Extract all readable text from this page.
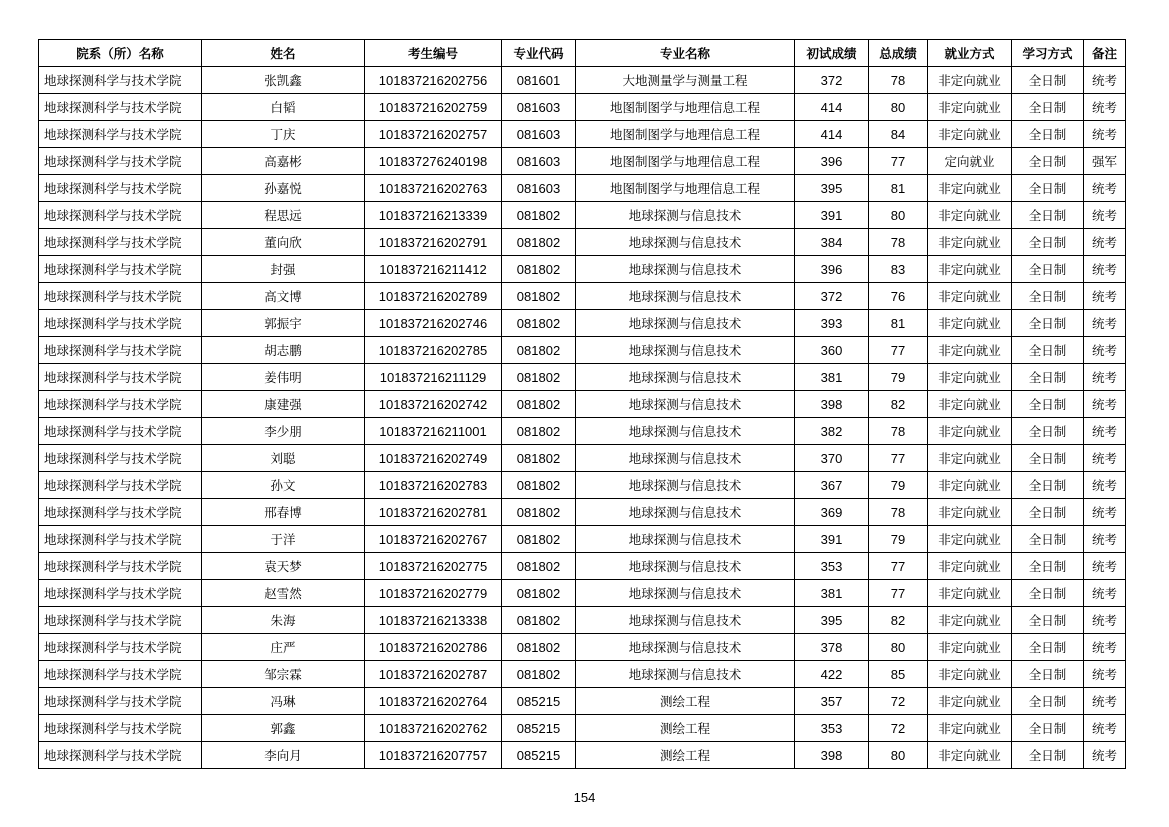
院系（所）名称	姓名	考生编号	专业代码	专业名称	初试成绩	总成绩	就业方式	学习方式	备注
地球探测科学与技术学院	张凯鑫	101837216202756	081601	大地测量学与测量工程	372	78	非定向就业	全日制	统考
地球探测科学与技术学院	白韬	101837216202759	081603	地图制图学与地理信息工程	414	80	非定向就业	全日制	统考
地球探测科学与技术学院	丁庆	101837216202757	081603	地图制图学与地理信息工程	414	84	非定向就业	全日制	统考
地球探测科学与技术学院	高嘉彬	101837276240198	081603	地图制图学与地理信息工程	396	77	定向就业	全日制	强军
地球探测科学与技术学院	孙嘉悦	101837216202763	081603	地图制图学与地理信息工程	395	81	非定向就业	全日制	统考
地球探测科学与技术学院	程思远	101837216213339	081802	地球探测与信息技术	391	80	非定向就业	全日制	统考
地球探测科学与技术学院	董向欣	101837216202791	081802	地球探测与信息技术	384	78	非定向就业	全日制	统考
地球探测科学与技术学院	封强	101837216211412	081802	地球探测与信息技术	396	83	非定向就业	全日制	统考
地球探测科学与技术学院	高文博	101837216202789	081802	地球探测与信息技术	372	76	非定向就业	全日制	统考
地球探测科学与技术学院	郭振宇	101837216202746	081802	地球探测与信息技术	393	81	非定向就业	全日制	统考
地球探测科学与技术学院	胡志鹏	101837216202785	081802	地球探测与信息技术	360	77	非定向就业	全日制	统考
地球探测科学与技术学院	姜伟明	101837216211129	081802	地球探测与信息技术	381	79	非定向就业	全日制	统考
地球探测科学与技术学院	康建强	101837216202742	081802	地球探测与信息技术	398	82	非定向就业	全日制	统考
地球探测科学与技术学院	李少朋	101837216211001	081802	地球探测与信息技术	382	78	非定向就业	全日制	统考
地球探测科学与技术学院	刘聪	101837216202749	081802	地球探测与信息技术	370	77	非定向就业	全日制	统考
地球探测科学与技术学院	孙文	101837216202783	081802	地球探测与信息技术	367	79	非定向就业	全日制	统考
地球探测科学与技术学院	邢春博	101837216202781	081802	地球探测与信息技术	369	78	非定向就业	全日制	统考
地球探测科学与技术学院	于洋	101837216202767	081802	地球探测与信息技术	391	79	非定向就业	全日制	统考
地球探测科学与技术学院	袁天梦	101837216202775	081802	地球探测与信息技术	353	77	非定向就业	全日制	统考
地球探测科学与技术学院	赵雪然	101837216202779	081802	地球探测与信息技术	381	77	非定向就业	全日制	统考
地球探测科学与技术学院	朱海	101837216213338	081802	地球探测与信息技术	395	82	非定向就业	全日制	统考
地球探测科学与技术学院	庄严	101837216202786	081802	地球探测与信息技术	378	80	非定向就业	全日制	统考
地球探测科学与技术学院	邹宗霖	101837216202787	081802	地球探测与信息技术	422	85	非定向就业	全日制	统考
地球探测科学与技术学院	冯琳	101837216202764	085215	测绘工程	357	72	非定向就业	全日制	统考
地球探测科学与技术学院	郭鑫	101837216202762	085215	测绘工程	353	72	非定向就业	全日制	统考
地球探测科学与技术学院	李向月	101837216207757	085215	测绘工程	398	80	非定向就业	全日制	统考
154
